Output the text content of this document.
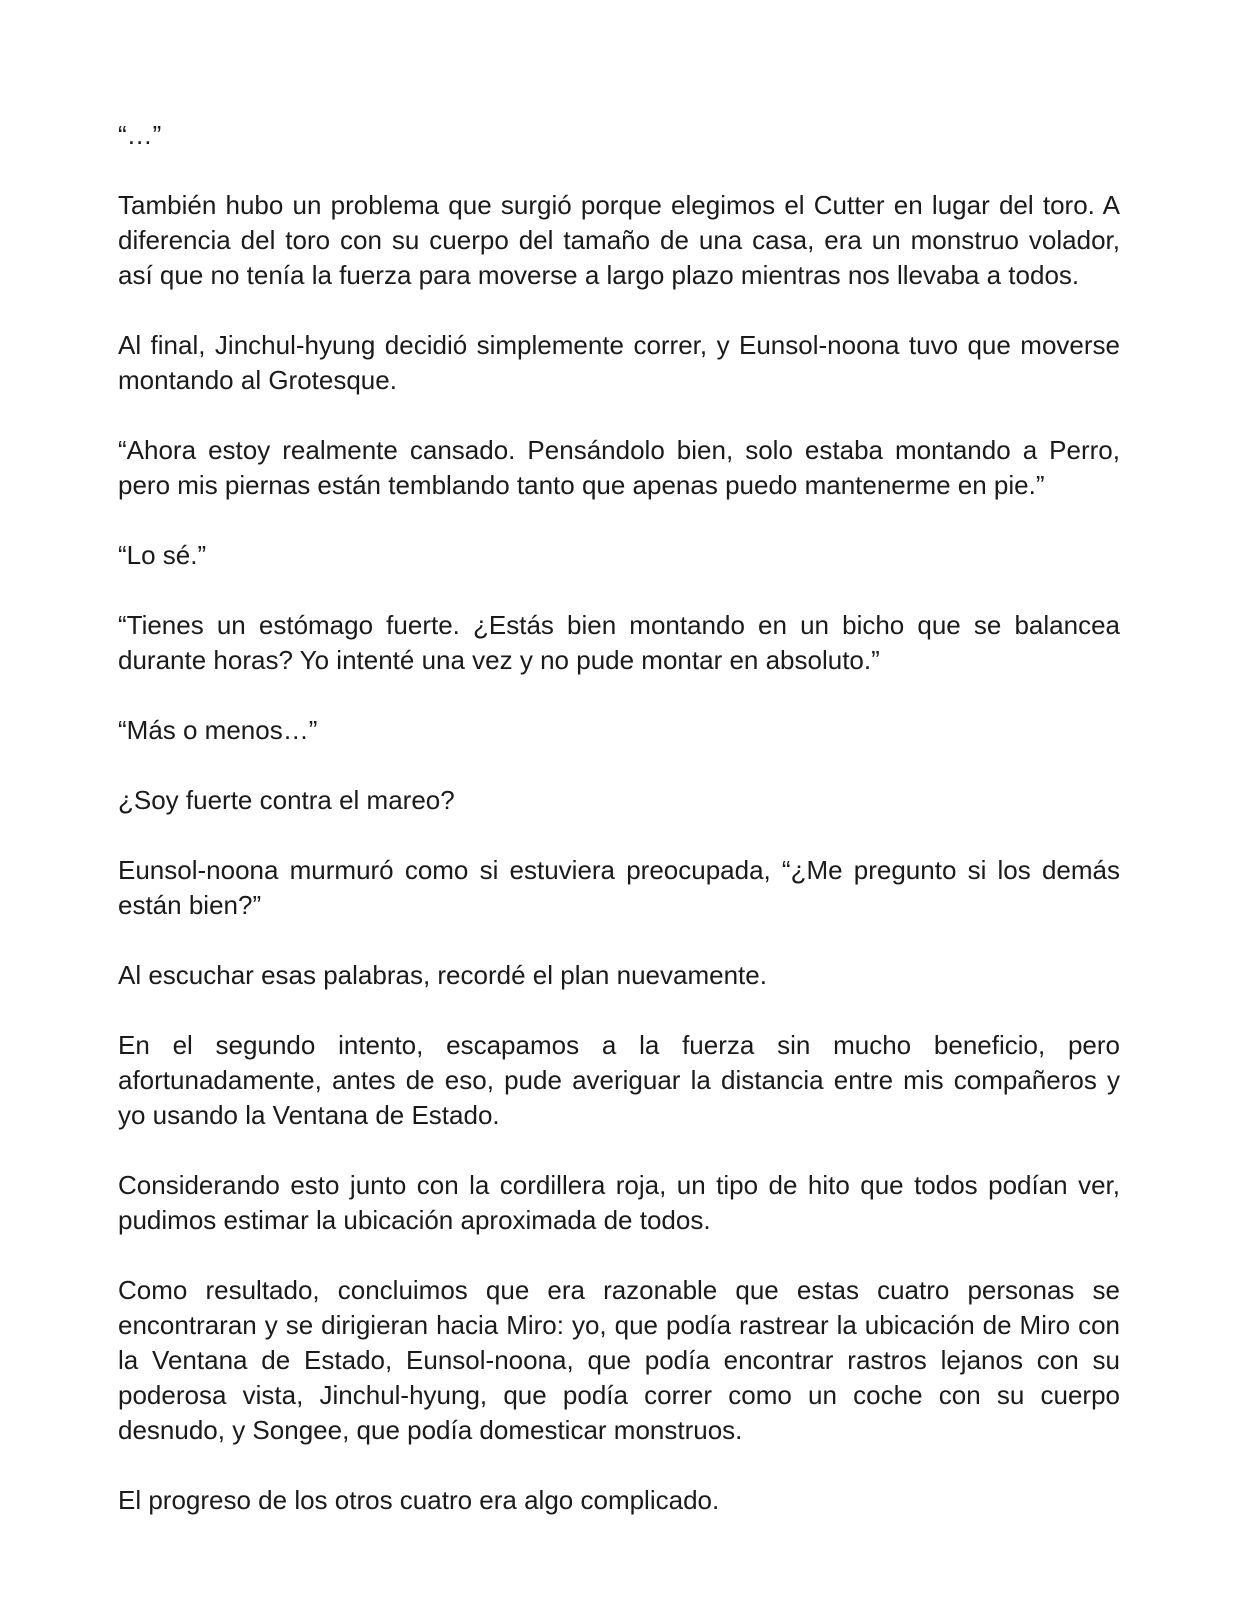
“…”

También hubo un problema que surgió porque elegimos el Cutter en lugar del toro. A diferencia del toro con su cuerpo del tamaño de una casa, era un monstruo volador, así que no tenía la fuerza para moverse a largo plazo mientras nos llevaba a todos.

Al final, Jinchul-hyung decidió simplemente correr, y Eunsol-noona tuvo que moverse montando al Grotesque.

“Ahora estoy realmente cansado. Pensándolo bien, solo estaba montando a Perro, pero mis piernas están temblando tanto que apenas puedo mantenerme en pie.”

“Lo sé.”

“Tienes un estómago fuerte. ¿Estás bien montando en un bicho que se balancea durante horas? Yo intenté una vez y no pude montar en absoluto.”

“Más o menos…”

¿Soy fuerte contra el mareo?

Eunsol-noona murmuró como si estuviera preocupada, “¿Me pregunto si los demás están bien?”

Al escuchar esas palabras, recordé el plan nuevamente.

En el segundo intento, escapamos a la fuerza sin mucho beneficio, pero afortunadamente, antes de eso, pude averiguar la distancia entre mis compañeros y yo usando la Ventana de Estado.

Considerando esto junto con la cordillera roja, un tipo de hito que todos podían ver, pudimos estimar la ubicación aproximada de todos.

Como resultado, concluimos que era razonable que estas cuatro personas se encontraran y se dirigieran hacia Miro: yo, que podía rastrear la ubicación de Miro con la Ventana de Estado, Eunsol-noona, que podía encontrar rastros lejanos con su poderosa vista, Jinchul-hyung, que podía correr como un coche con su cuerpo desnudo, y Songee, que podía domesticar monstruos.

El progreso de los otros cuatro era algo complicado.
